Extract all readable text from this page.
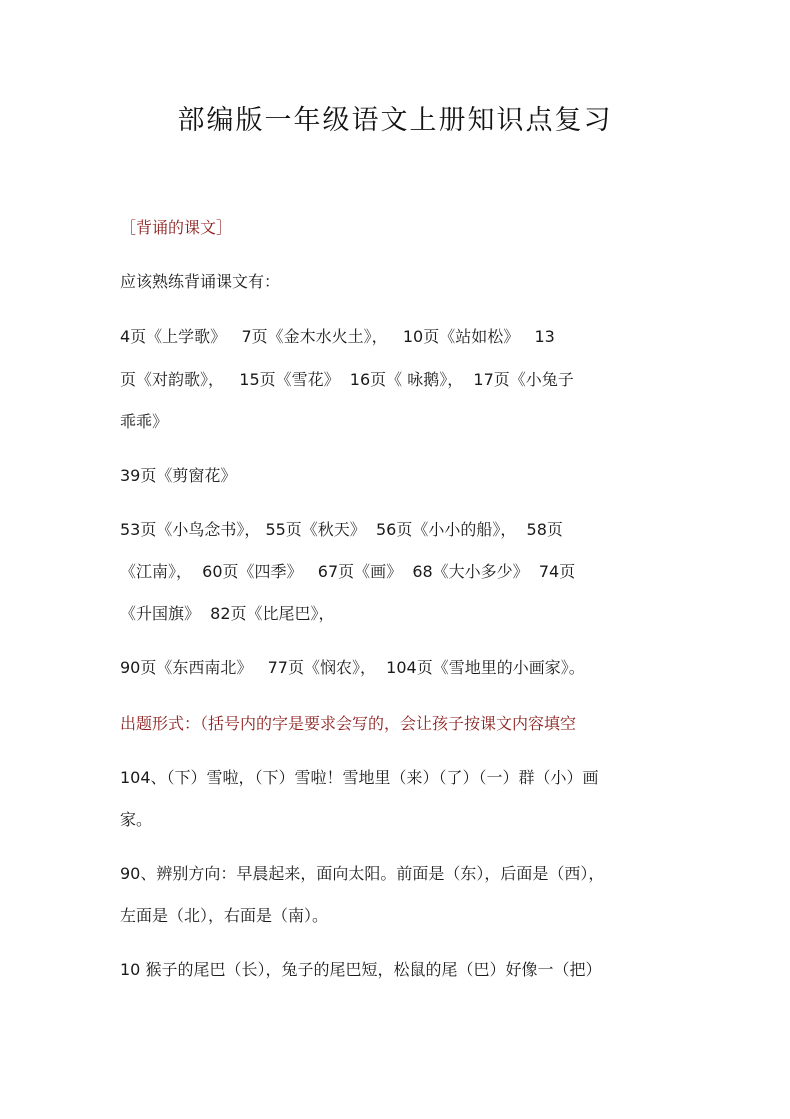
部编版一年级语文上册知识点复习
［背诵的课文］
应该熟练背诵课文有：
4页《上学歌》   7页《金木水火土》，   10页《站如松》   13
页《对韵歌》，   15页《雪花》  16页《 咏鹅》，  17页《小兔子
乖乖》
39页《剪窗花》
53页《小鸟念书》， 55页《秋天》  56页《小小的船》，  58页
《江南》，  60页《四季》   67页《画》  68《大小多少》  74页
《升国旗》  82页《比尾巴》，
90页《东西南北》   77页《悯农》，  104页《雪地里的小画家》。
出题形式：（括号内的字是要求会写的，会让孩子按课文内容填空
104、（下）雪啦，（下）雪啦！雪地里（来）（了）（一）群（小）画
家。
90、辨别方向：早晨起来，面向太阳。前面是（东），后面是（西），
左面是（北），右面是（南）。
10 猴子的尾巴（长），兔子的尾巴短，松鼠的尾（巴）好像一（把）
